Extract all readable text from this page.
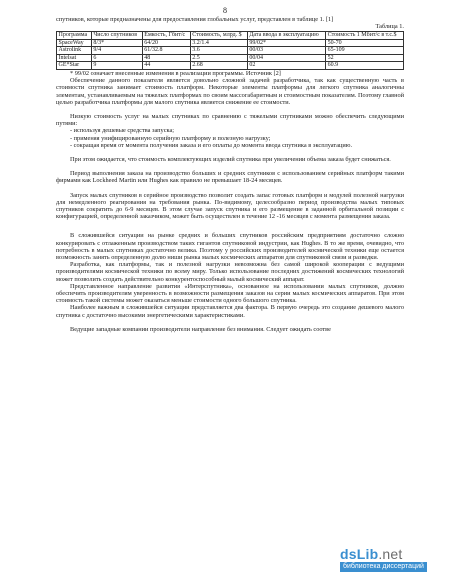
8

спутников, которые предназначены для предоставления глобальных услуг, представлен в таблице 1. [1]

Таблица 1.

Программа	Число спутников	Емкость, Гбит/с	Стоимость, млрд. $	Дата ввода в эксплуатацию	Стоимость 1 Мбит/с в т.с.$
SpaceWay	8/3*	64/20	3.2/1.4	99/02*	50-70
Astrolink	9/4	61/32.8	3.6	00/03	65-109
Intelsat	6	48	2.5	00/04	52
GE*Star	9	44	2.68	02	60.9

* 99/02 означает внесенные изменения в реализации программы. Источник [2]

Обеспечение данного показателя является довольно сложной задачей разработчика, так как существенную часть в стоимости спутника занимает стоимость платформ. Некоторые элементы платформы для легкого спутника аналогичны элементам, устанавливаемым на тяжелых платформах по своим массогабаритным и стоимостным показателям. Поэтому главной целью разработчика платформы для малого спутника является снижение ее стоимости.

Низкую стоимость услуг на малых спутниках по сравнению с тяжелыми спутниками можно обеспечить следующими путями:

- используя дешевые средства запуска;

- применяя унифицированную серийную платформу и полезную нагрузку;

- сокращая время от момента получения заказа и его оплаты до момента ввода спутника в эксплуатацию.

При этом ожидается, что стоимость комплектующих изделий спутника при увеличении объема заказа будет снижаться.

Период выполнения заказа на производство больших и средних спутников с использованием серийных платформ такими фирмами как Lockheed Martin или Hughes как правило не превышает 18-24 месяцев.

Запуск малых спутников в серийное производство позволит создать запас готовых платформ и модулей полезной нагрузки для немедленного реагирования на требования рынка. По-видимому, целесообразно период производства малых типовых спутников сократить до 6-9 месяцев. В этом случае запуск спутника и его размещение в заданной орбитальной позиции с конфигурацией, определенной заказчиком, может быть осуществлен в течение 12 -16 месяцев с момента размещения заказа.

В сложившейся ситуации на рынке средних и больших спутников российским предприятиям достаточно сложно конкурировать с отлаженным производством таких гигантов спутниковой индустрии, как Hughes. В то же время, очевидно, что потребность в малых спутниках достаточно велика. Поэтому у российских производителей космической техники еще остается возможность занять определенную долю ниши рынка малых космических аппаратов для спутниковой связи и разведки.

Разработка, как платформы, так и полезной нагрузки невозможна без самой широкой кооперации с ведущими производителями космической техники по всему миру. Только использование последних достижений космических технологий может позволить создать действительно конкурентоспособный малый космический аппарат.

Представленное направление развития «Интерспутника», основанное на использовании малых спутников, должно обеспечить производителям уверенность в возможности размещения заказов на серии малых космических аппаратов. При этом стоимость такой системы может оказаться меньше стоимости одного большого спутника.

Наиболее важным в сложившейся ситуации представляется два фактора. В первую очередь это создание дешевого малого спутника с достаточно высокими энергетическими характеристиками.

Ведущие западные компании производители направление без внимания. Следует ожидать соотве

dsLib.net
библиотека диссертаций
